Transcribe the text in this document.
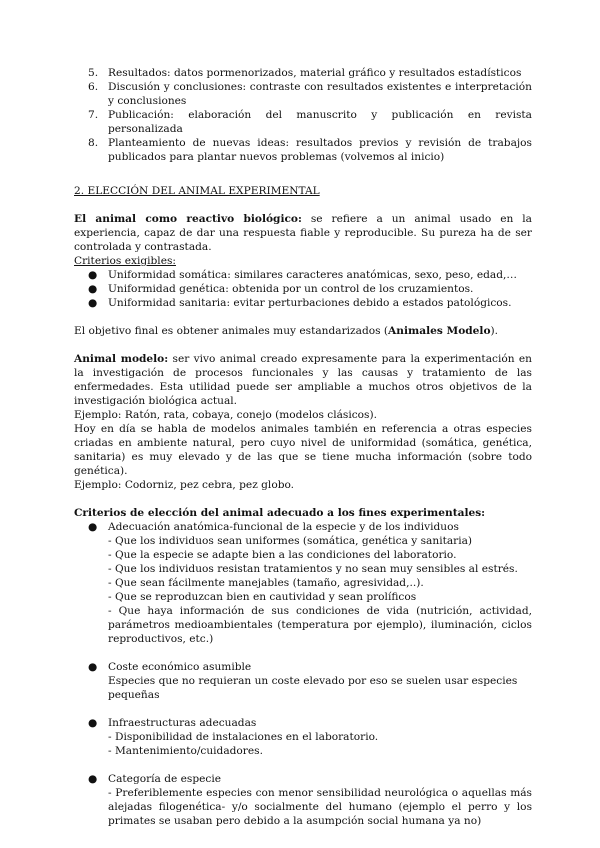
5. Resultados: datos pormenorizados, material gráfico y resultados estadísticos
6. Discusión y conclusiones: contraste con resultados existentes e interpretación y conclusiones
7. Publicación: elaboración del manuscrito y publicación en revista personalizada
8. Planteamiento de nuevas ideas: resultados previos y revisión de trabajos publicados para plantar nuevos problemas (volvemos al inicio)
2. ELECCIÓN DEL ANIMAL EXPERIMENTAL

El animal como reactivo biológico: se refiere a un animal usado en la experiencia, capaz de dar una respuesta fiable y reproducible. Su pureza ha de ser controlada y contrastada.

Criterios exigibles:
● Uniformidad somática: similares caracteres anatómicas, sexo, peso, edad,…
● Uniformidad genética: obtenida por un control de los cruzamientos.
● Uniformidad sanitaria: evitar perturbaciones debido a estados patológicos.

El objetivo final es obtener animales muy estandarizados (Animales Modelo).

Animal modelo: ser vivo animal creado expresamente para la experimentación en la investigación de procesos funcionales y las causas y tratamiento de las enfermedades. Esta utilidad puede ser ampliable a muchos otros objetivos de la investigación biológica actual.

Ejemplo: Ratón, rata, cobaya, conejo (modelos clásicos).

Hoy en día se habla de modelos animales también en referencia a otras especies criadas en ambiente natural, pero cuyo nivel de uniformidad (somática, genética, sanitaria) es muy elevado y de las que se tiene mucha información (sobre todo genética).

Ejemplo: Codorniz, pez cebra, pez globo.

Criterios de elección del animal adecuado a los fines experimentales:

● Adecuación anatómica-funcional de la especie y de los individuos
- Que los individuos sean uniformes (somática, genética y sanitaria)
- Que la especie se adapte bien a las condiciones del laboratorio.
- Que los individuos resistan tratamientos y no sean muy sensibles al estrés.
- Que sean fácilmente manejables (tamaño, agresividad,..).
- Que se reproduzcan bien en cautividad y sean prolíficos
- Que haya información de sus condiciones de vida (nutrición, actividad, parámetros medioambientales (temperatura por ejemplo), iluminación, ciclos reproductivos, etc.)
● Coste económico asumible
Especies que no requieran un coste elevado por eso se suelen usar especies pequeñas
● Infraestructuras adecuadas
- Disponibilidad de instalaciones en el laboratorio.
- Mantenimiento/cuidadores.
● Categoría de especie
- Preferiblemente especies con menor sensibilidad neurológica o aquellas más alejadas filogenética- y/o socialmente del humano (ejemplo el perro y los primates se usaban pero debido a la asumpción social humana ya no)
